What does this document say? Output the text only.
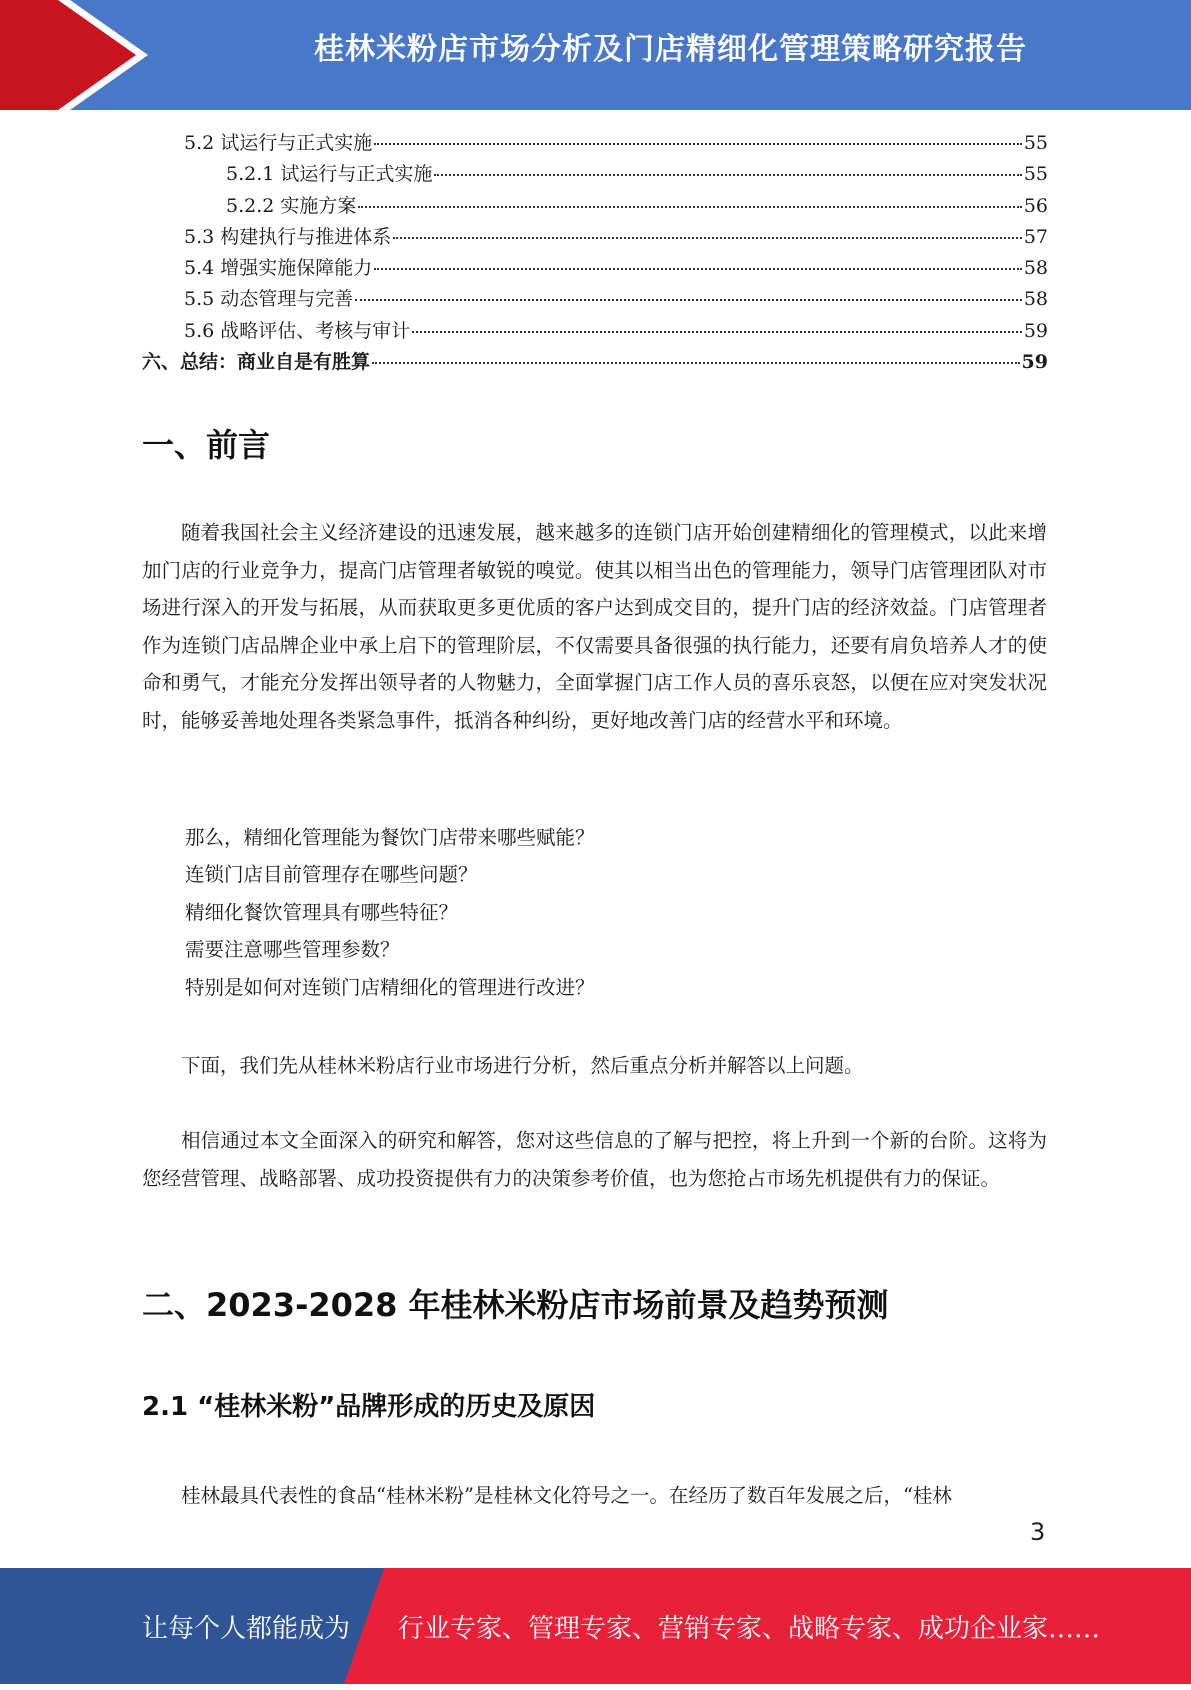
桂林米粉店市场分析及门店精细化管理策略研究报告
5.2 试运行与正式实施	55
5.2.1 试运行与正式实施	55
5.2.2 实施方案	56
5.3 构建执行与推进体系	57
5.4 增强实施保障能力	58
5.5 动态管理与完善	58
5.6 战略评估、考核与审计	59
六、总结：商业自是有胜算	59
一、前言

随着我国社会主义经济建设的迅速发展，越来越多的连锁门店开始创建精细化的管理模式，以此来增加门店的行业竞争力，提高门店管理者敏锐的嗅觉。使其以相当出色的管理能力，领导门店管理团队对市场进行深入的开发与拓展，从而获取更多更优质的客户达到成交目的，提升门店的经济效益。门店管理者作为连锁门店品牌企业中承上启下的管理阶层，不仅需要具备很强的执行能力，还要有肩负培养人才的使命和勇气，才能充分发挥出领导者的人物魅力，全面掌握门店工作人员的喜乐哀怒，以便在应对突发状况时，能够妥善地处理各类紧急事件，抵消各种纠纷，更好地改善门店的经营水平和环境。

那么，精细化管理能为餐饮门店带来哪些赋能？
连锁门店目前管理存在哪些问题？
精细化餐饮管理具有哪些特征？
需要注意哪些管理参数？
特别是如何对连锁门店精细化的管理进行改进？

下面，我们先从桂林米粉店行业市场进行分析，然后重点分析并解答以上问题。

相信通过本文全面深入的研究和解答，您对这些信息的了解与把控，将上升到一个新的台阶。这将为您经营管理、战略部署、成功投资提供有力的决策参考价值，也为您抢占市场先机提供有力的保证。

二、2023-2028 年桂林米粉店市场前景及趋势预测
2.1 “桂林米粉”品牌形成的历史及原因

桂林最具代表性的食品“桂林米粉”是桂林文化符号之一。在经历了数百年发展之后，“桂林

3
让每个人都能成为 行业专家、管理专家、营销专家、战略专家、成功企业家……
